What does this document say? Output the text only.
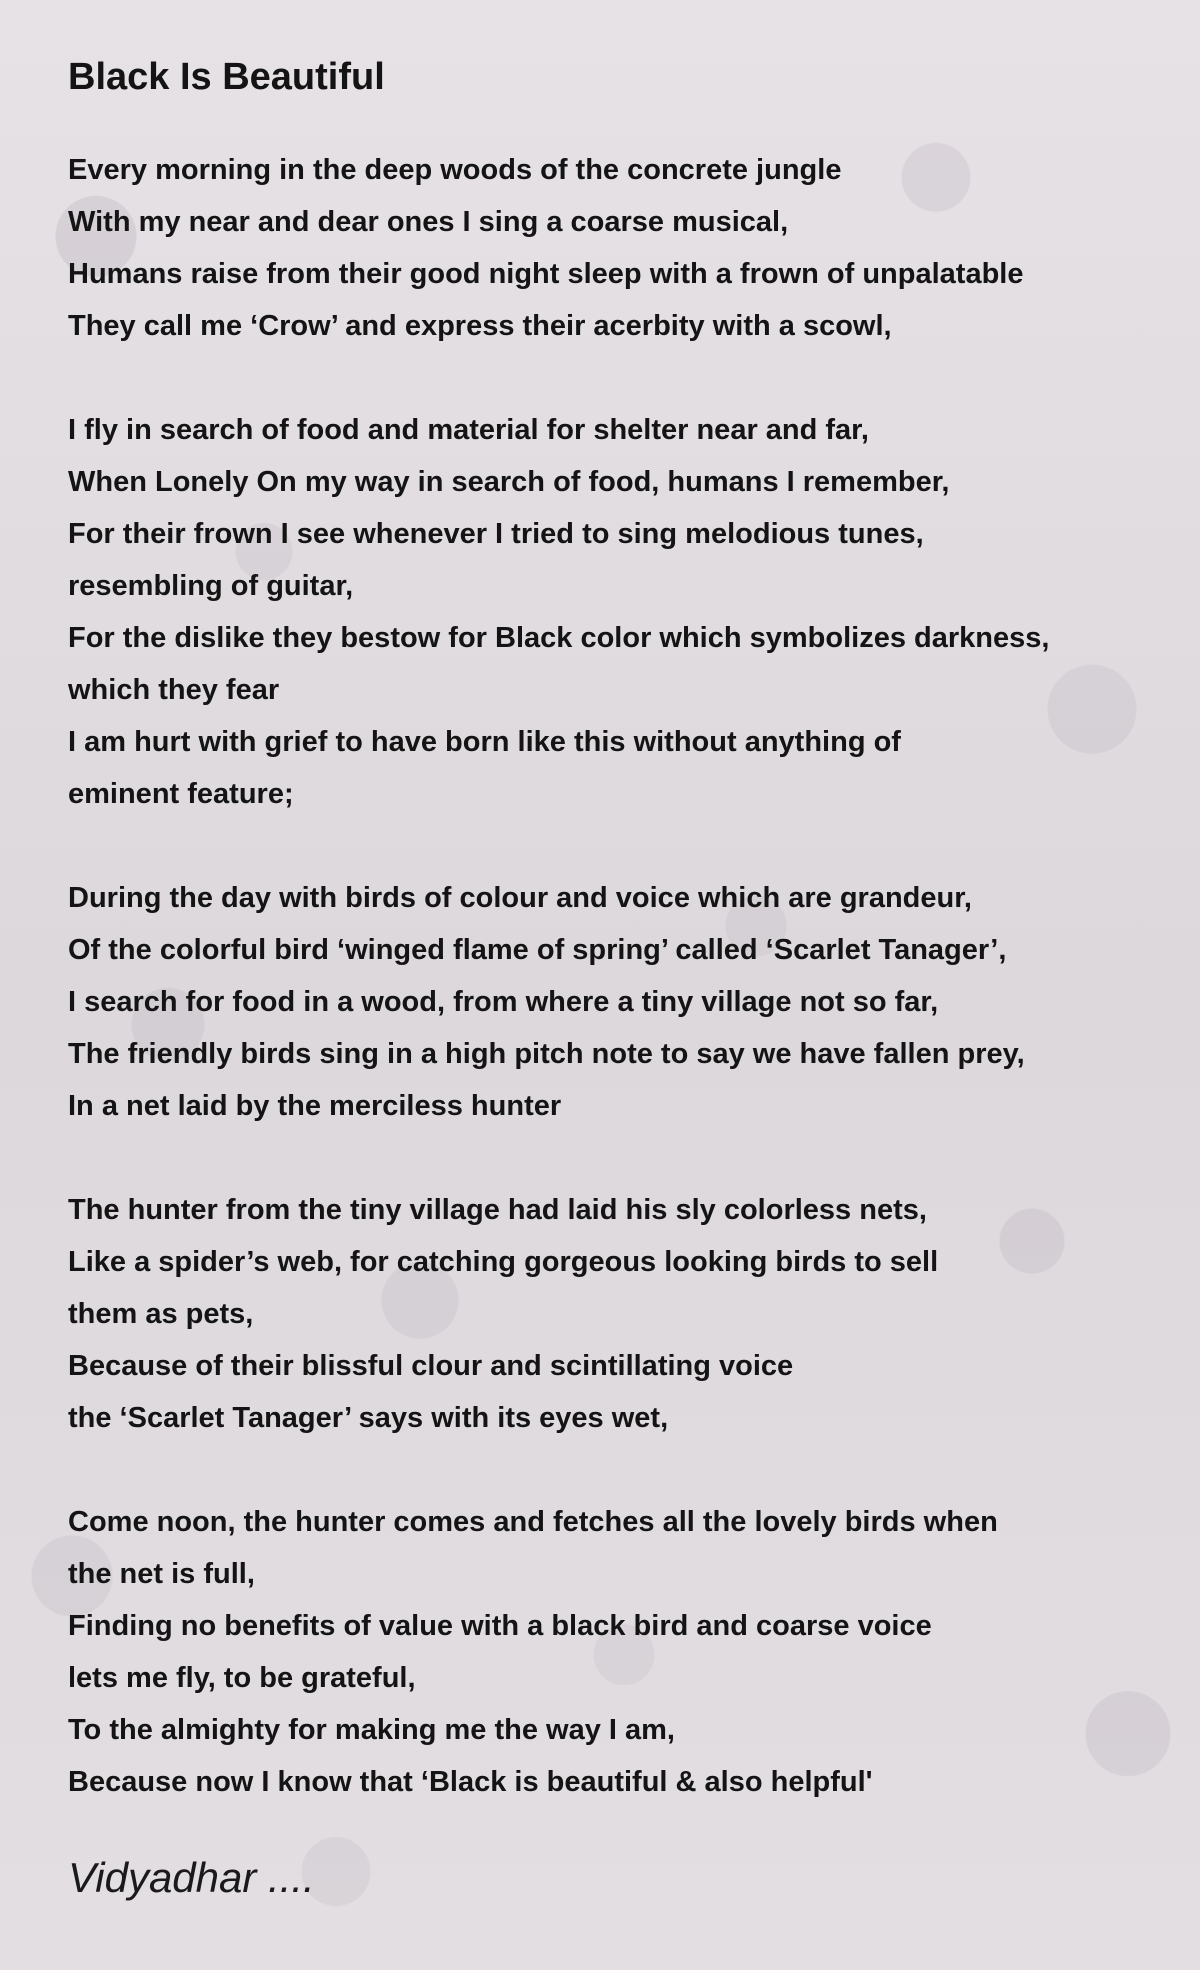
Black Is Beautiful
Every morning in the deep woods of the concrete jungle
With my near and dear ones I sing a coarse musical,
Humans raise from their good night sleep with a frown of unpalatable
They call me ‘Crow’ and express their acerbity with a scowl,
I fly in search of food and material for shelter near and far,
When Lonely On my way in search of food, humans I remember,
For their frown I see whenever I tried to sing melodious tunes,
resembling of guitar,
For the dislike they bestow for Black color which symbolizes darkness,
which they fear
I am hurt with grief to have born like this without anything of
eminent feature;
During the day with birds of colour and voice which are grandeur,
Of the colorful bird ‘winged flame of spring’ called ‘Scarlet Tanager’,
I search for food in a wood, from where a tiny village not so far,
The friendly birds sing in a high pitch note to say we have fallen prey,
In a net laid by the merciless hunter
The hunter from the tiny village had laid his sly colorless nets,
Like a spider’s web, for catching gorgeous looking birds to sell
them as pets,
Because of their blissful clour and scintillating voice
the ‘Scarlet Tanager’ says with its eyes wet,
Come noon, the hunter comes and fetches all the lovely birds when
the net is full,
Finding no benefits of value with a black bird and coarse voice
lets me fly, to be grateful,
To the almighty for making me the way I am,
Because now I know that ‘Black is beautiful & also helpful'
Vidyadhar ....
